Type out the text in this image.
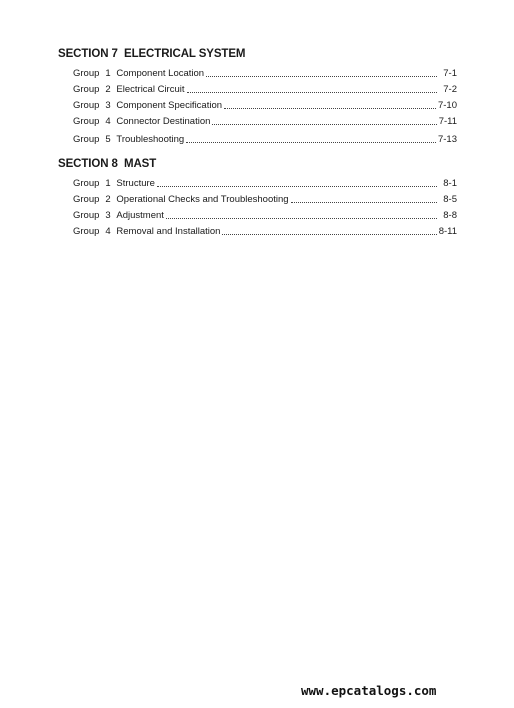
SECTION 7  ELECTRICAL SYSTEM
Group 1 Component Location	7-1
Group 2 Electrical Circuit	7-2
Group 3 Component Specification	7-10
Group 4 Connector Destination	7-11
Group 5 Troubleshooting	7-13
SECTION 8  MAST
Group 1 Structure	8-1
Group 2 Operational Checks and Troubleshooting	8-5
Group 3 Adjustment	8-8
Group 4 Removal and Installation	8-11
www.epcatalogs.com
